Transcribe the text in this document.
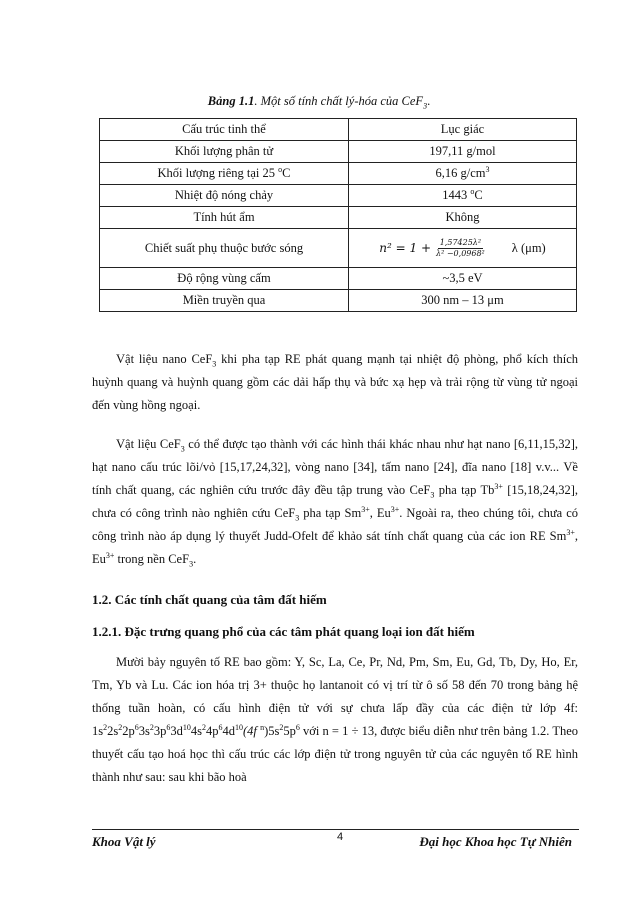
Bảng 1.1. Một số tính chất lý-hóa của CeF$_3$.
Cấu trúc tinh thể	Lục giác
Khối lượng phân tử	197,11 g/mol
Khối lượng riêng tại 25 $^o$C	6,16 $g/cm^3$
Nhiệt độ nóng chảy	1443 $^o$C
Tính hút ẩm	Không
Chiết suất phụ thuộc bước sóng	$n^2 = 1 + \frac{\text{1,57425λ²}}{\text{λ² −0,0968²}}$ λ (μm)

Độ rộng vùng cấm	~3,5 eV
Miền truyền qua	300 nm – 13 μm

Vật liệu nano CeF$_3$ khi pha tạp RE phát quang mạnh tại nhiệt độ phòng, phổ kích thích huỳnh quang và huỳnh quang gồm các dải hấp thụ và bức xạ hẹp và trải rộng từ vùng tử ngoại đến vùng hồng ngoại.

Vật liệu CeF$_3$ có thể được tạo thành với các hình thái khác nhau như hạt nano [6,11,15,32], hạt nano cấu trúc lõi/vỏ [15,17,24,32], vòng nano [34], tấm nano [24], đĩa nano [18] v.v... Về tính chất quang, các nghiên cứu trước đây đều tập trung vào CeF$_3$ pha tạp $Tb^{3+}$ [15,18,24,32], chưa có công trình nào nghiên cứu CeF$_3$ pha tạp $Sm^{3+}$, $Eu^{3+}$. Ngoài ra, theo chúng tôi, chưa có công trình nào áp dụng lý thuyết Judd-Ofelt để khảo sát tính chất quang của các ion RE $Sm^{3+}$, $Eu^{3+}$ trong nền CeF$_3$.

1.2. Các tính chất quang của tâm đất hiếm

1.2.1. Đặc trưng quang phổ của các tâm phát quang loại ion đất hiếm

Mười bảy nguyên tố RE bao gồm: Y, Sc, La, Ce, Pr, Nd, Pm, Sm, Eu, Gd, Tb, Dy, Ho, Er, Tm, Yb và Lu. Các ion hóa trị 3+ thuộc họ lantanoit có vị trí từ ô số 58 đến 70 trong bảng hệ thống tuần hoàn, có cấu hình điện tử với sự chưa lấp đầy của các điện tử lớp 4f: $1s^22s^22p^63s^23p^63d^{10}4s^24p^64d^{10}(4f$ $^n)5s^25p^6$ với n = 1 ÷ 13, được biểu diễn như trên bảng 1.2. Theo thuyết cấu tạo hoá học thì cấu trúc các lớp điện tử trong nguyên tử của các nguyên tố RE hình thành như sau: sau khi bão hoà

Khoa Vật lý	4	Đại học Khoa học Tự Nhiên
